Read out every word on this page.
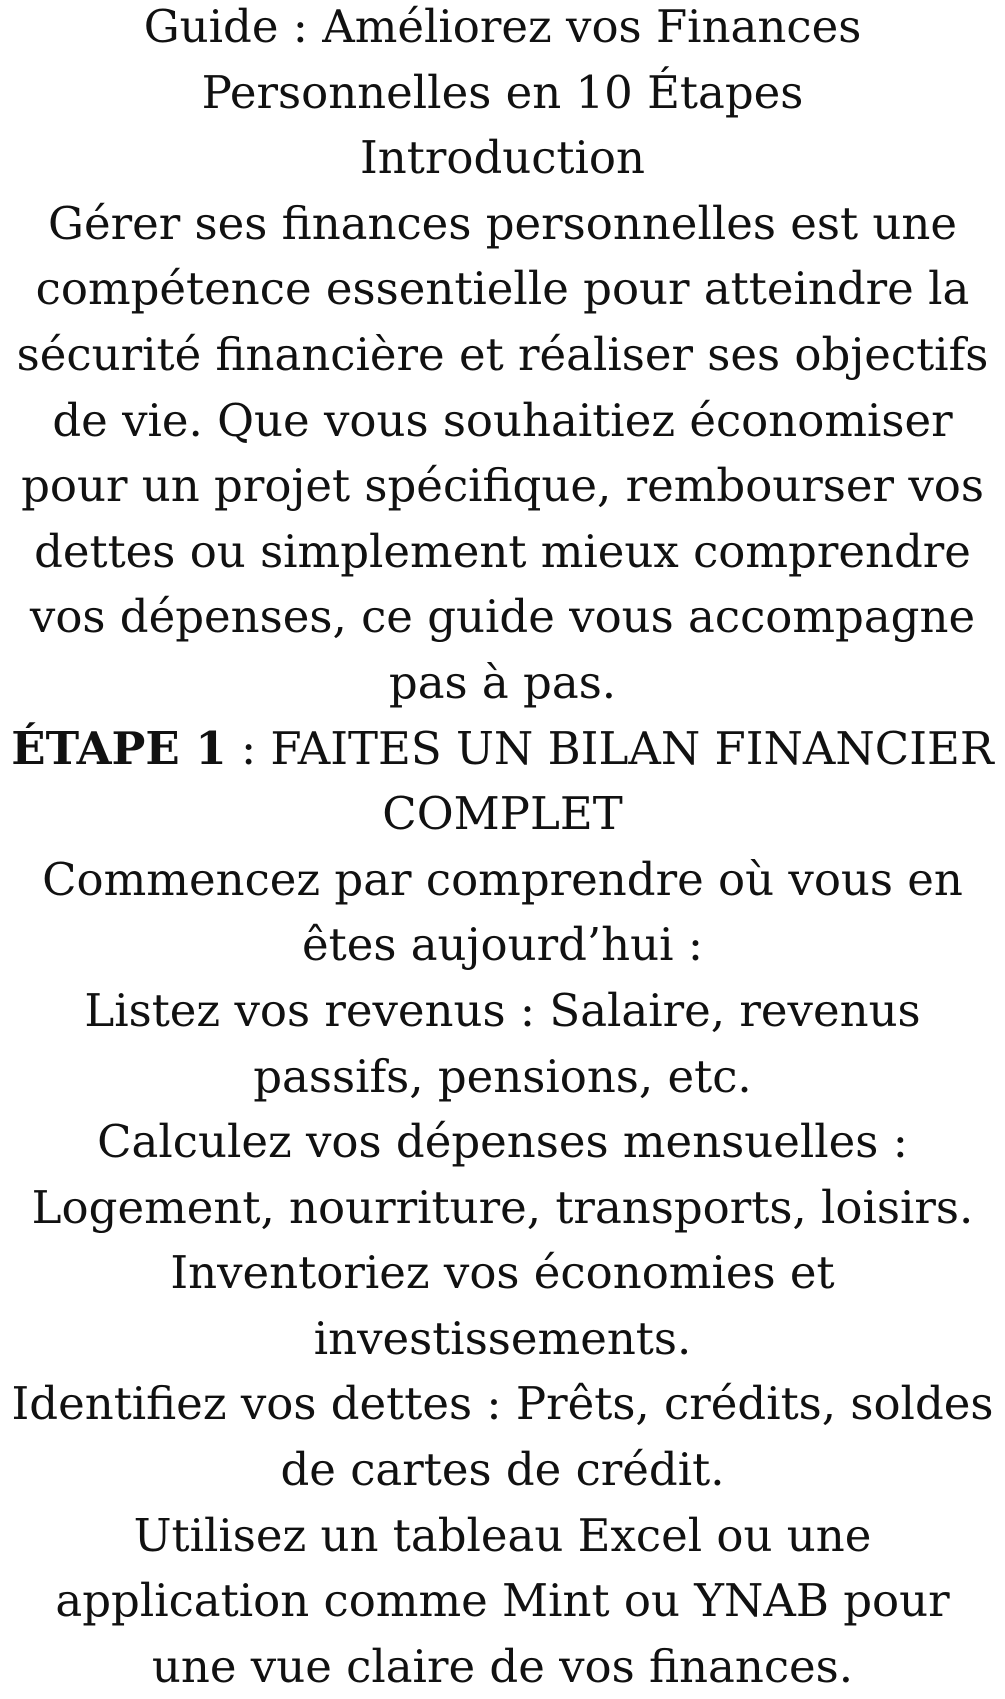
Guide : Améliorez vos Finances Personnelles en 10 Étapes

Introduction

Gérer ses finances personnelles est une compétence essentielle pour atteindre la sécurité financière et réaliser ses objectifs de vie. Que vous souhaitiez économiser pour un projet spécifique, rembourser vos dettes ou simplement mieux comprendre vos dépenses, ce guide vous accompagne pas à pas.

ÉTAPE 1 : FAITES UN BILAN FINANCIER COMPLET

Commencez par comprendre où vous en êtes aujourd’hui :

Listez vos revenus : Salaire, revenus passifs, pensions, etc.

Calculez vos dépenses mensuelles : Logement, nourriture, transports, loisirs.

Inventoriez vos économies et investissements.

Identifiez vos dettes : Prêts, crédits, soldes de cartes de crédit.

Utilisez un tableau Excel ou une application comme Mint ou YNAB pour une vue claire de vos finances.
